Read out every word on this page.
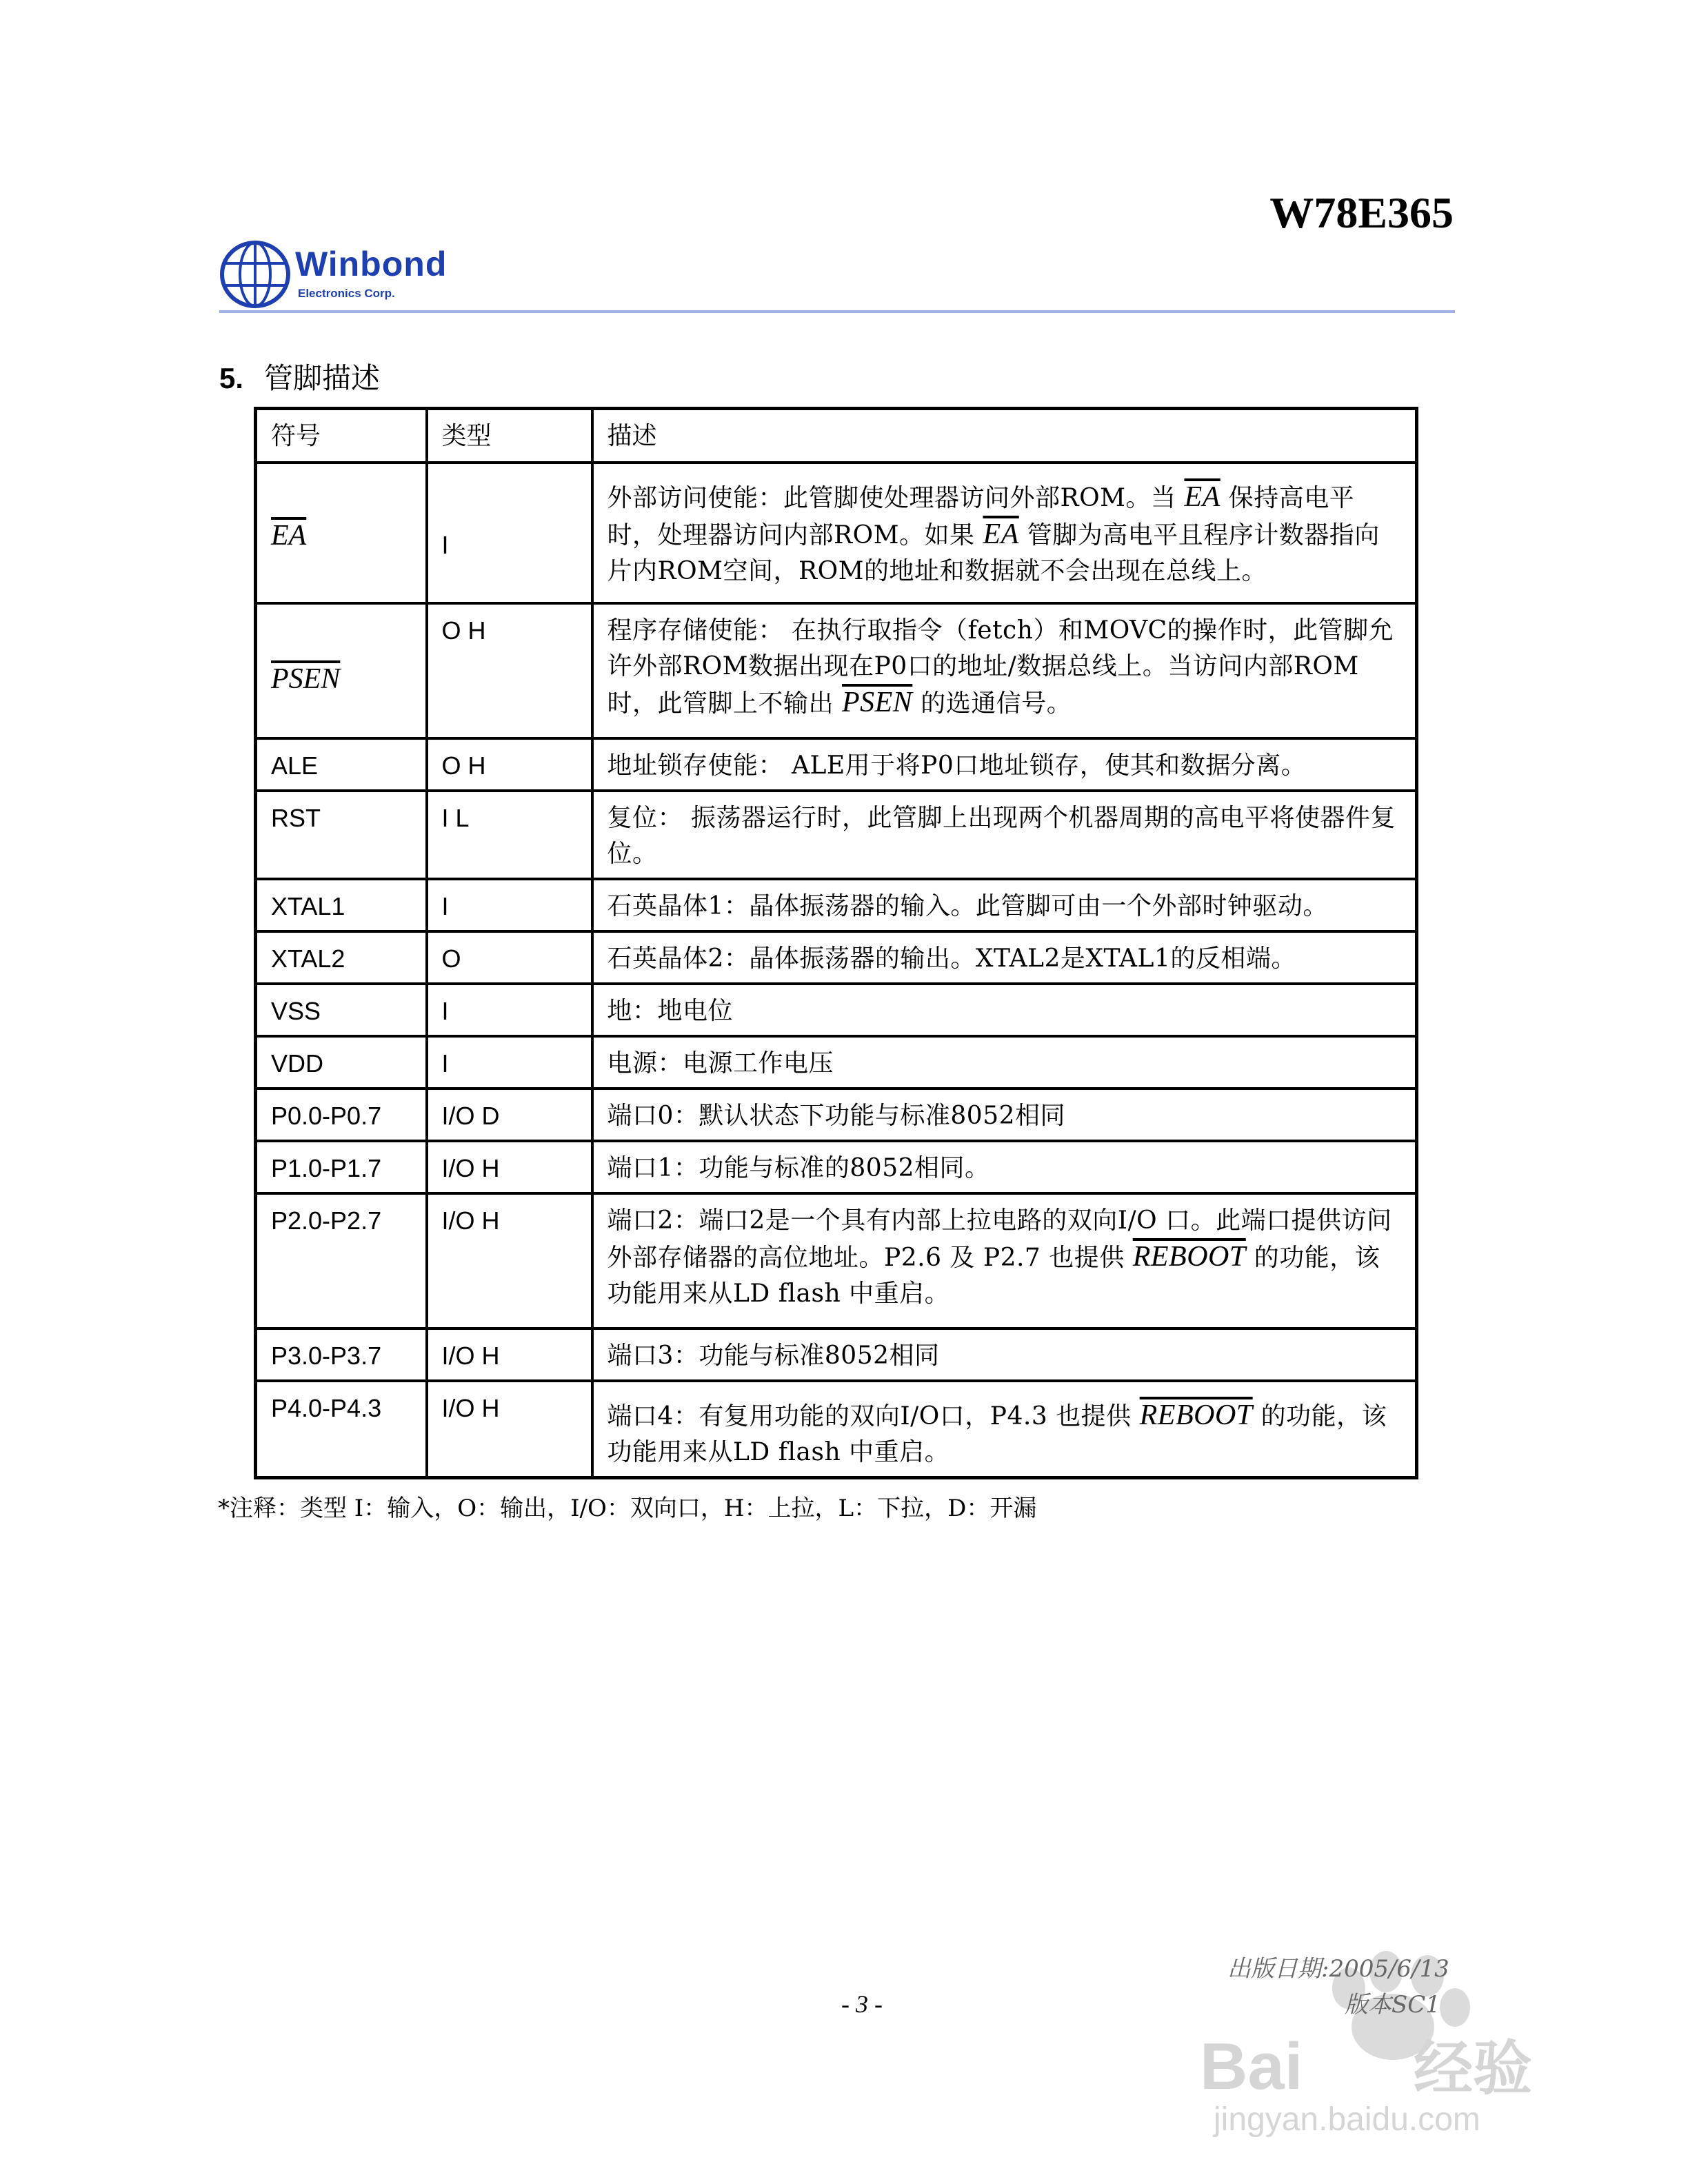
W78E365
Winbond
Electronics Corp.
5. 管脚描述
符号	类型	描述
$\overline{EA}$	I	外部访问使能：此管脚使处理器访问外部ROM。当 $\overline{EA}$ 保持高电平时，处理器访问内部ROM。如果 $\overline{EA}$ 管脚为高电平且程序计数器指向片内ROM空间，ROM的地址和数据就不会出现在总线上。
PSEN	O H	程序存储使能： 在执行取指令（fetch）和MOVC的操作时，此管脚允许外部ROM数据出现在P0口的地址/数据总线上。当访问内部ROM时，此管脚上不输出 PSEN 的选通信号。
ALE	O H	地址锁存使能： ALE用于将P0口地址锁存，使其和数据分离。
RST	I L	复位： 振荡器运行时，此管脚上出现两个机器周期的高电平将使器件复位。
XTAL1	I	石英晶体1：晶体振荡器的输入。此管脚可由一个外部时钟驱动。
XTAL2	O	石英晶体2：晶体振荡器的输出。XTAL2是XTAL1的反相端。
VSS	I	地：地电位
VDD	I	电源：电源工作电压
P0.0-P0.7	I/O D	端口0：默认状态下功能与标准8052相同
P1.0-P1.7	I/O H	端口1：功能与标准的8052相同。
P2.0-P2.7	I/O H	端口2：端口2是一个具有内部上拉电路的双向I/O 口。此端口提供访问外部存储器的高位地址。P2.6 及 P2.7 也提供 REBOOT 的功能，该功能用来从LD flash 中重启。
P3.0-P3.7	I/O H	端口3：功能与标准8052相同
P4.0-P4.3	I/O H	端口4：有复用功能的双向I/O口，P4.3 也提供 REBOOT 的功能，该功能用来从LD flash 中重启。
*注释：类型 I：输入，O：输出，I/O：双向口，H：上拉，L：下拉，D：开漏
Bai 经验
jingyan.baidu.com
出版日期:2005/6/13
版本SC1
- 3 -
